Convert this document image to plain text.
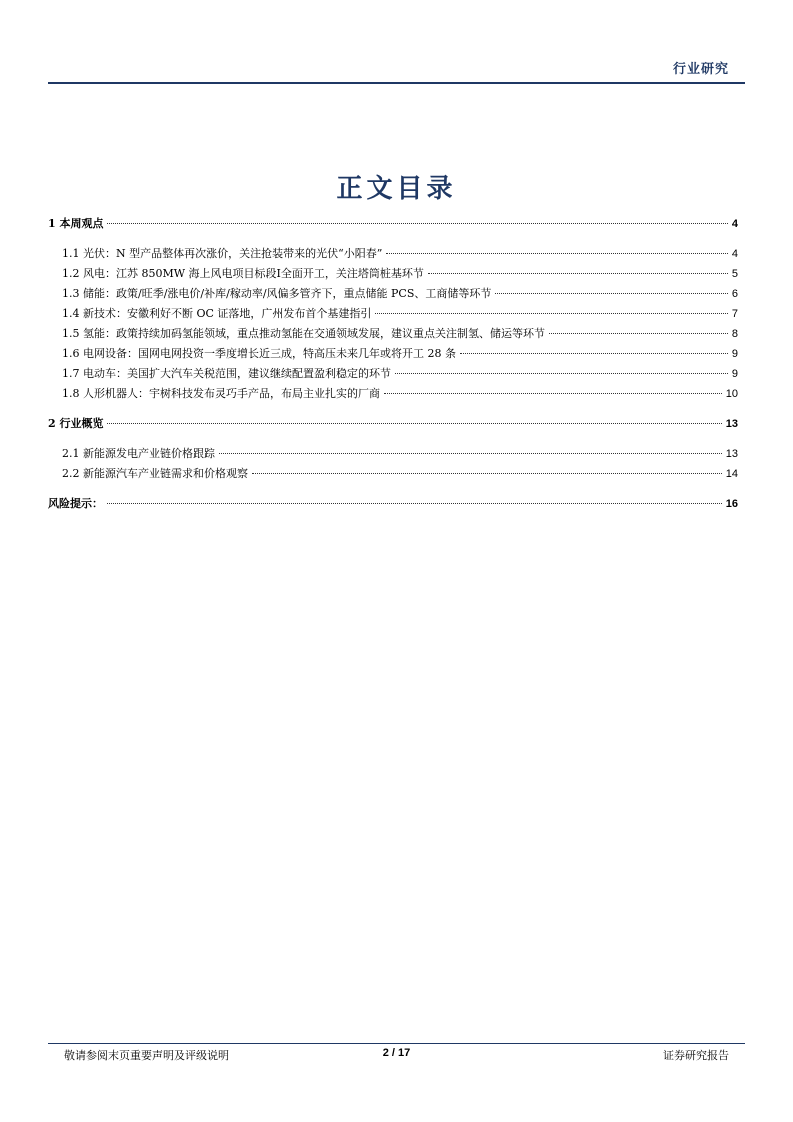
行业研究
正文目录
1 本周观点	4
1.1 光伏：N 型产品整体再次涨价，关注抢装带来的光伏“小阳春”	4
1.2 风电：江苏 850MW 海上风电项目标段Ⅰ全面开工，关注塔筒桩基环节	5
1.3 储能：政策/旺季/涨电价/补库/稼动率/风偏多管齐下，重点储能 PCS、工商储等环节	6
1.4 新技术：安徽利好不断 OC 证落地，广州发布首个基建指引	7
1.5 氢能：政策持续加码氢能领域，重点推动氢能在交通领域发展，建议重点关注制氢、储运等环节	8
1.6 电网设备：国网电网投资一季度增长近三成，特高压未来几年或将开工 28 条	9
1.7 电动车：美国扩大汽车关税范围，建议继续配置盈利稳定的环节	9
1.8 人形机器人：宇树科技发布灵巧手产品，布局主业扎实的厂商	10
2 行业概览	13
2.1 新能源发电产业链价格跟踪	13
2.2 新能源汽车产业链需求和价格观察	14
风险提示：	16
敬请参阅末页重要声明及评级说明	2 / 17	证券研究报告
